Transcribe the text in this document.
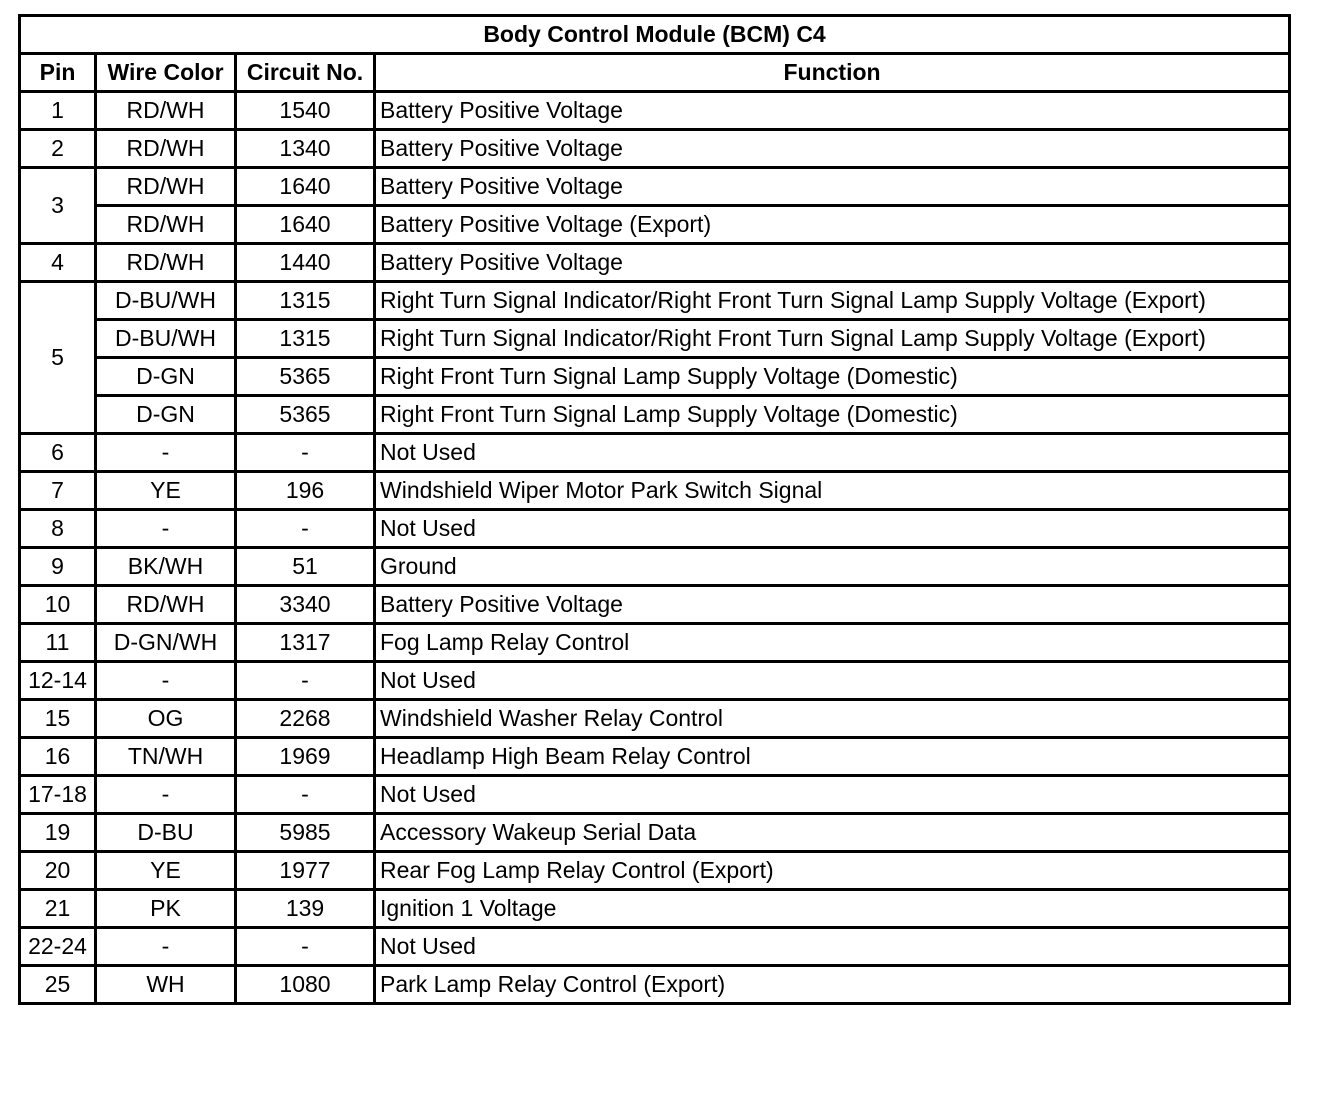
Body Control Module (BCM) C4			
Pin	Wire Color	Circuit No.	Function
1	RD/WH	1540	Battery Positive Voltage
2	RD/WH	1340	Battery Positive Voltage
3	RD/WH	1640	Battery Positive Voltage
	RD/WH	1640	Battery Positive Voltage (Export)
4	RD/WH	1440	Battery Positive Voltage
5	D-BU/WH	1315	Right Turn Signal Indicator/Right Front Turn Signal Lamp Supply Voltage (Export)
	D-BU/WH	1315	Right Turn Signal Indicator/Right Front Turn Signal Lamp Supply Voltage (Export)
	D-GN	5365	Right Front Turn Signal Lamp Supply Voltage (Domestic)
	D-GN	5365	Right Front Turn Signal Lamp Supply Voltage (Domestic)
6	-	-	Not Used
7	YE	196	Windshield Wiper Motor Park Switch Signal
8	-	-	Not Used
9	BK/WH	51	Ground
10	RD/WH	3340	Battery Positive Voltage
11	D-GN/WH	1317	Fog Lamp Relay Control
12-14	-	-	Not Used
15	OG	2268	Windshield Washer Relay Control
16	TN/WH	1969	Headlamp High Beam Relay Control
17-18	-	-	Not Used
19	D-BU	5985	Accessory Wakeup Serial Data
20	YE	1977	Rear Fog Lamp Relay Control (Export)
21	PK	139	Ignition 1 Voltage
22-24	-	-	Not Used
25	WH	1080	Park Lamp Relay Control (Export)
